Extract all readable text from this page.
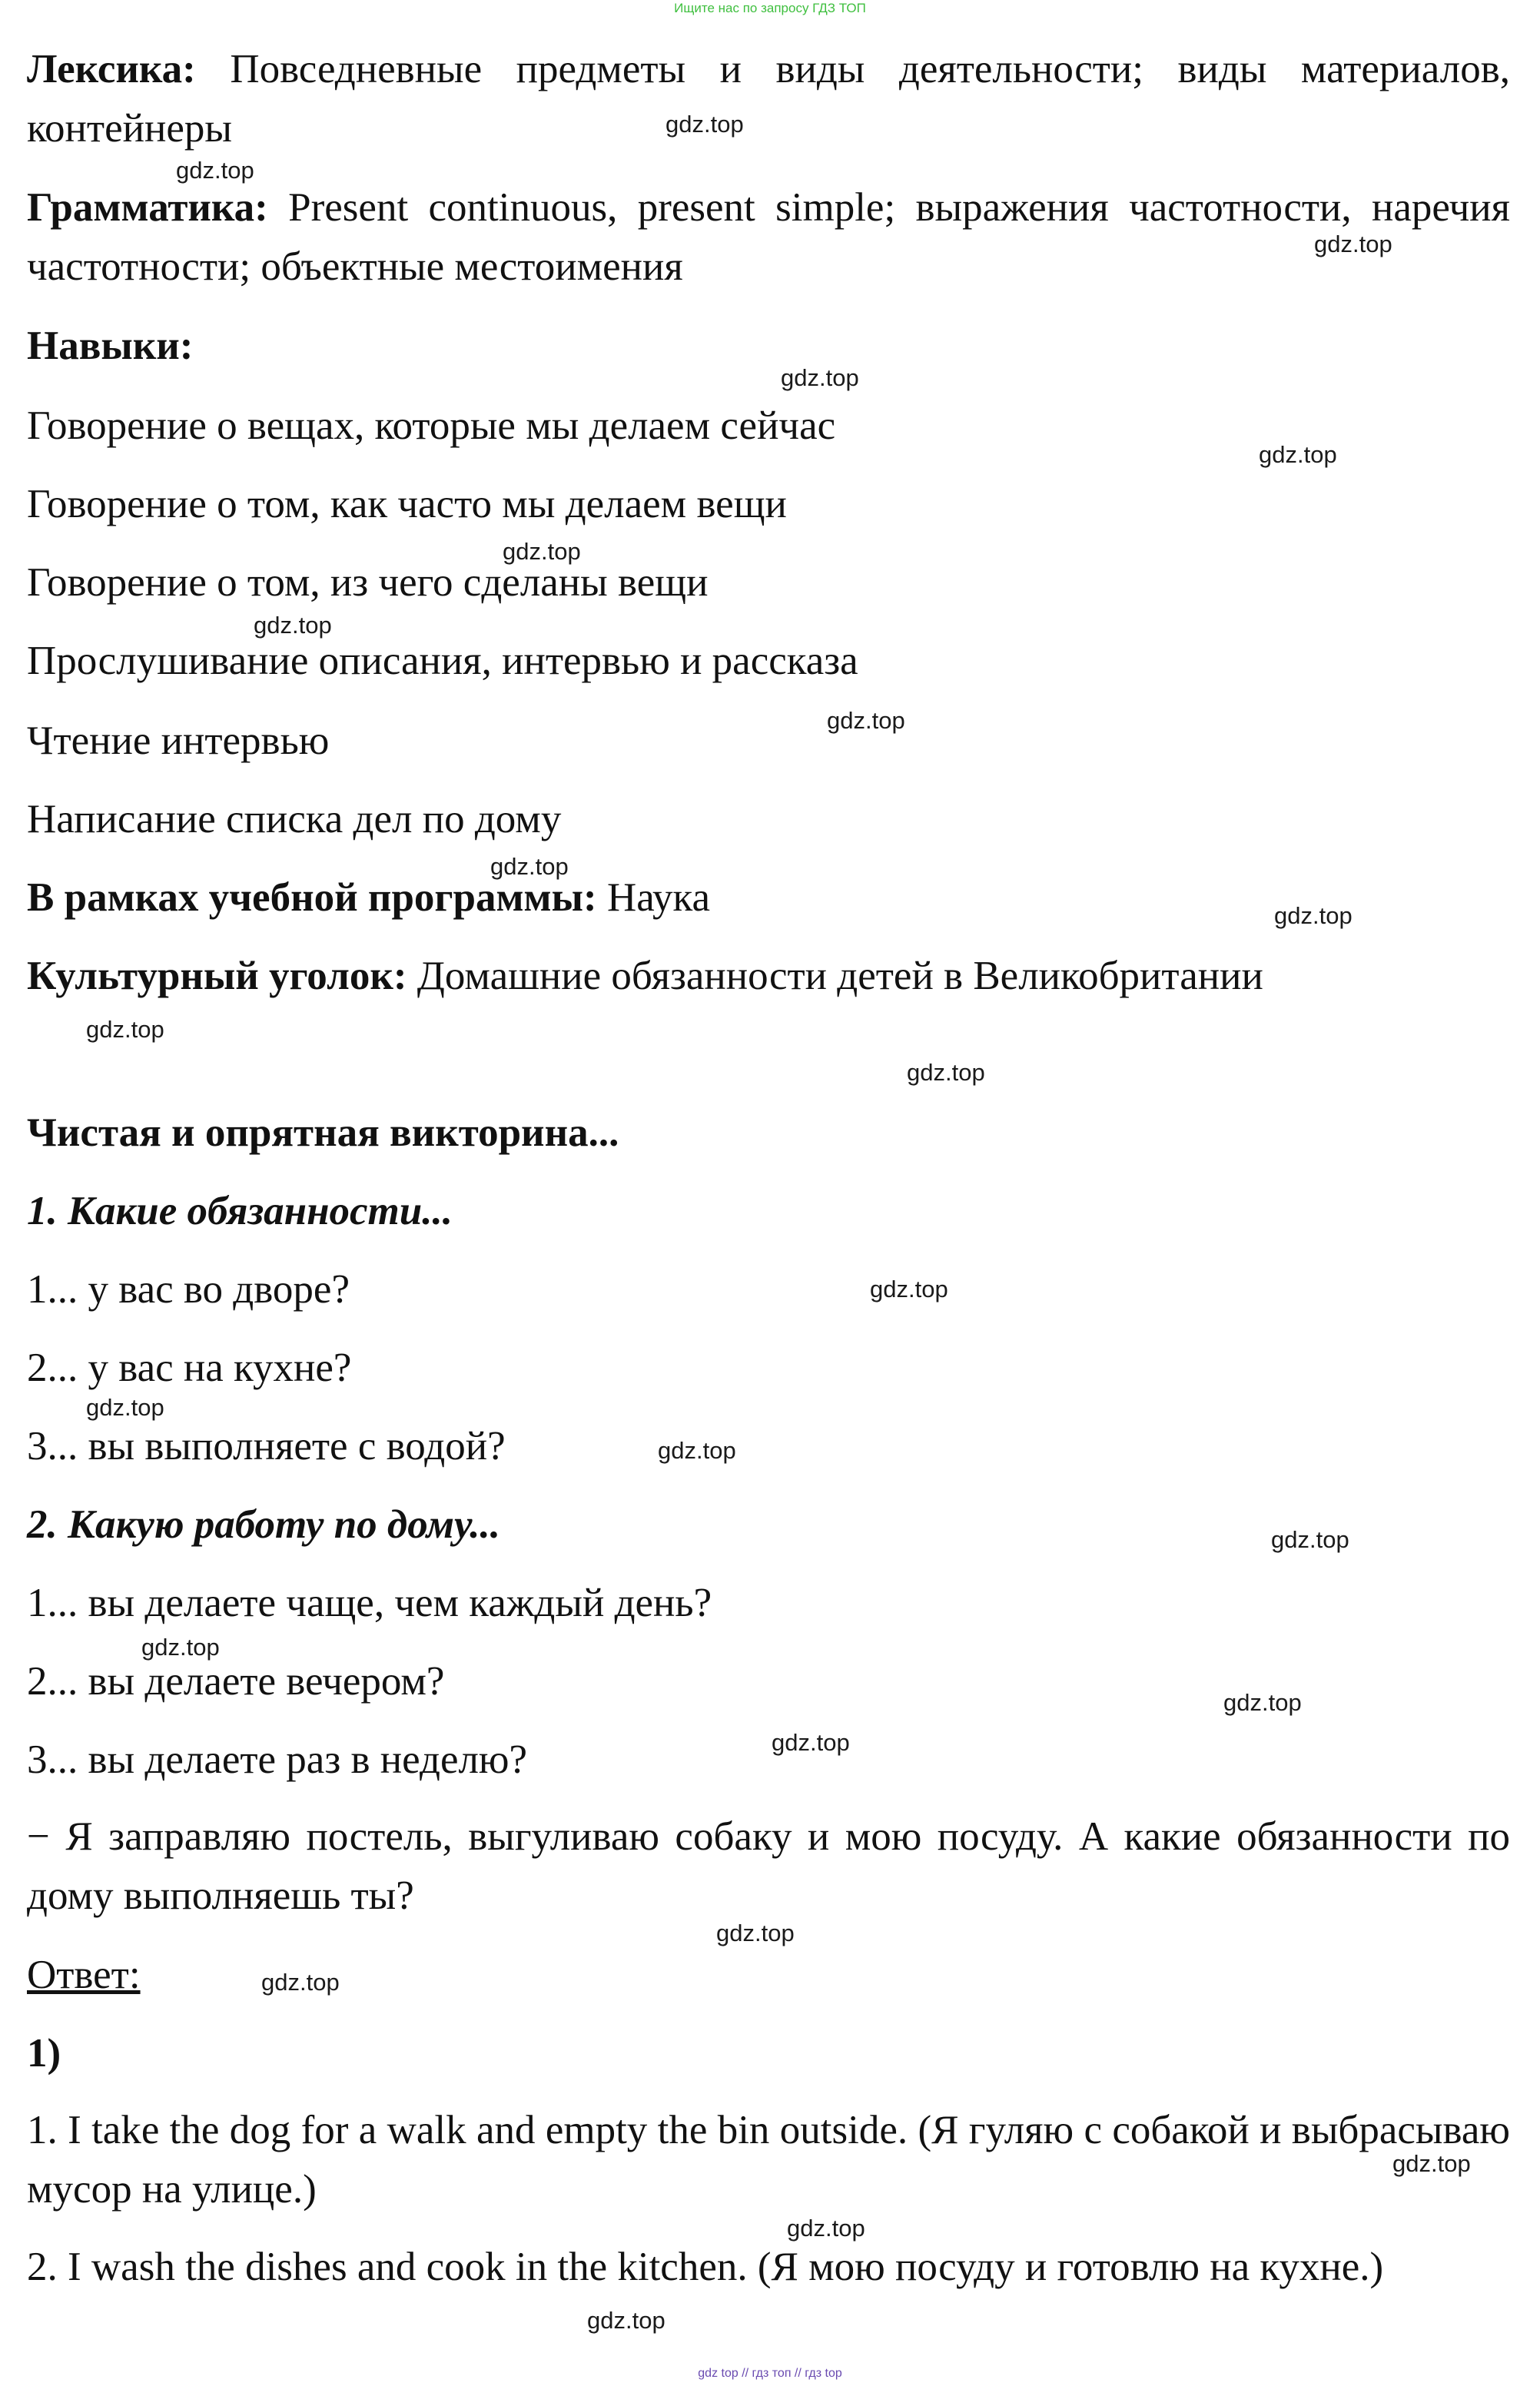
Ищите нас по запросу ГДЗ ТОП
Лексика: Повседневные предметы и виды деятельности; виды материалов, контейнеры
Грамматика: Present continuous, present simple; выражения частотности, наречия частотности; объектные местоимения
Навыки:
Говорение о вещах, которые мы делаем сейчас
Говорение о том, как часто мы делаем вещи
Говорение о том, из чего сделаны вещи
Прослушивание описания, интервью и рассказа
Чтение интервью
Написание списка дел по дому
В рамках учебной программы: Наука
Культурный уголок: Домашние обязанности детей в Великобритании
Чистая и опрятная викторина...
1. Какие обязанности...
1... у вас во дворе?
2... у вас на кухне?
3... вы выполняете с водой?
2. Какую работу по дому...
1... вы делаете чаще, чем каждый день?
2... вы делаете вечером?
3... вы делаете раз в неделю?
− Я заправляю постель, выгуливаю собаку и мою посуду. А какие обязанности по дому выполняешь ты?
Ответ:
1)
1. I take the dog for a walk and empty the bin outside. (Я гуляю с собакой и выбрасываю мусор на улице.)
2. I wash the dishes and cook in the kitchen. (Я мою посуду и готовлю на кухне.)
gdz.top
gdz.top
gdz.top
gdz.top
gdz.top
gdz.top
gdz.top
gdz.top
gdz.top
gdz.top
gdz.top
gdz.top
gdz.top
gdz.top
gdz.top
gdz.top
gdz.top
gdz.top
gdz.top
gdz.top
gdz.top
gdz.top
gdz.top
gdz.top
gdz top // гдз топ // гдз top
